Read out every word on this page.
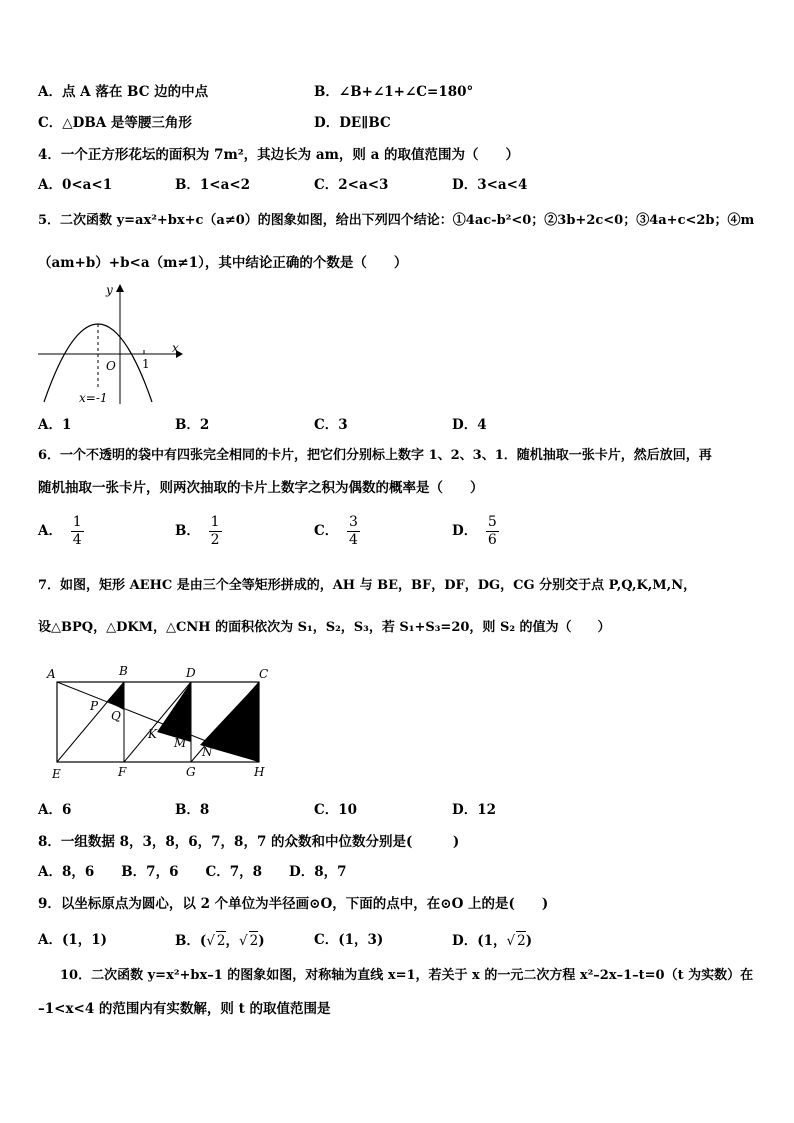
A．点 A 落在 BC 边的中点	B．∠B+∠1+∠C=180°
C．△DBA 是等腰三角形	D．DE∥BC
4．一个正方形花坛的面积为 7m²，其边长为 am，则 a 的取值范围为（　　）
A．0<a<1	B．1<a<2	C．2<a<3	D．3<a<4
5．二次函数 y=ax²+bx+c（a≠0）的图象如图，给出下列四个结论：①4ac-b²<0；②3b+2c<0；③4a+c<2b；④m
（am+b）+b<a（m≠1），其中结论正确的个数是（　　）
y
x
O 1
x=-1
A．1	B．2	C．3	D．4
6．一个不透明的袋中有四张完全相同的卡片，把它们分别标上数字 1、2、3、1．随机抽取一张卡片，然后放回，再
随机抽取一张卡片，则两次抽取的卡片上数字之积为偶数的概率是（　　）
A． $\frac{1}{4}$	B． $\frac{1}{2}$	C． $\frac{3}{4}$	D． $\frac{5}{6}$
7．如图，矩形 AEHC 是由三个全等矩形拼成的，AH 与 BE，BF，DF，DG，CG 分别交于点 P,Q,K,M,N，
设△BPQ，△DKM，△CNH 的面积依次为 S₁，S₂，S₃，若 S₁+S₃=20，则 S₂ 的值为（　　）
A	B	D	C
E	F	G	H
P
Q
K
M
N
A．6	B．8	C．10	D．12
8．一组数据 8，3，8，6，7，8，7 的众数和中位数分别是(　　　)
A．8，6　　B．7，6　　C．7，8　　D．8，7
9．以坐标原点为圆心，以 2 个单位为半径画⊙O，下面的点中，在⊙O 上的是(　　)
A．(1，1)	B．(√ 2，√ 2)	C．(1，3)	D．(1，√ 2)
10．二次函数 y=x²+bx–1 的图象如图，对称轴为直线 x=1，若关于 x 的一元二次方程 x²–2x–1–t=0（t 为实数）在
–1<x<4 的范围内有实数解，则 t 的取值范围是
